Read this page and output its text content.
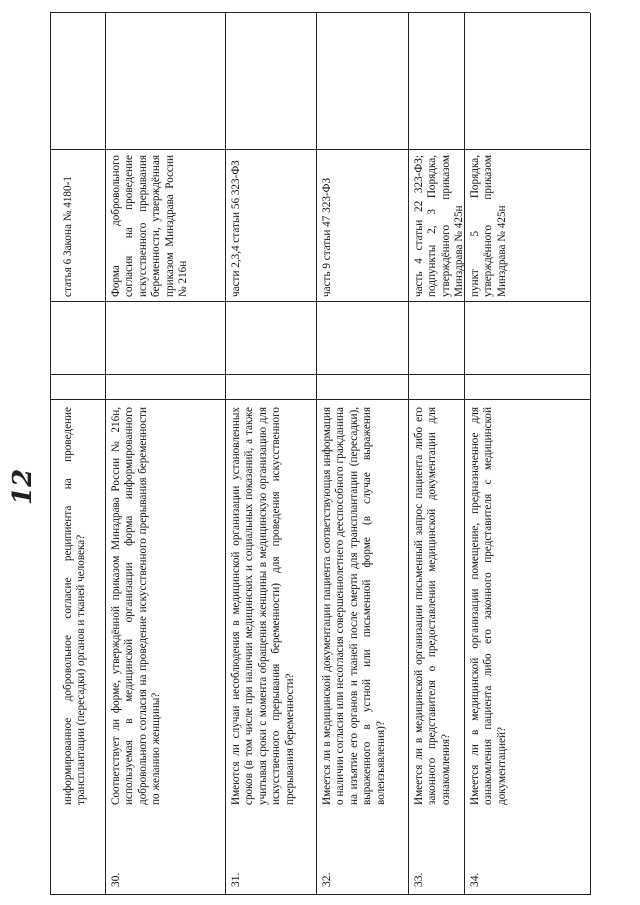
12 информированное добровольное согласие реципиента на проведение трансплантации (пересадки) органов и тканей человека?
статья 6 Закона № 4180-1
30.
Соответствует ли форме, утверждённой приказом Минздрава России № 216н, используемая в медицинской организации форма информированного добровольного согласия на проведение искусственного прерывания беременности по желанию женщины?
Форма добровольного согласия на проведение искусственного прерывания беременности, утверждённая приказом Минздрава России № 216н
31.
Имеются ли случаи несоблюдения в медицинской организации установленных сроков (в том числе при наличии медицинских и социальных показаний, а также учитывая сроки с момента обращения женщины в медицинскую организацию для искусственного прерывания беременности) для проведения искусственного прерывания беременности?
части 2,3,4 статьи 56 323-ФЗ
32.
Имеется ли в медицинской документации пациента соответствующая информация о наличии согласия или несогласия совершеннолетнего дееспособного гражданина на изъятие его органов и тканей после смерти для трансплантации (пересадки), выраженного в устной или письменной форме (в случае выражения волеизъявления)?
часть 9 статьи 47 323-ФЗ
33.
Имеется ли в медицинской организации письменный запрос пациента либо его законного представителя о предоставлении медицинской документации для ознакомления?
часть 4 статьи 22 323-ФЗ; подпункты 2, 3 Порядка, утверждённого приказом Минздрава № 425н
34.
Имеется ли в медицинской организации помещение, предназначенное для ознакомления пациента либо его законного представителя с медицинской документацией?
пункт 5 Порядка, утверждённого приказом Минздрава № 425н
